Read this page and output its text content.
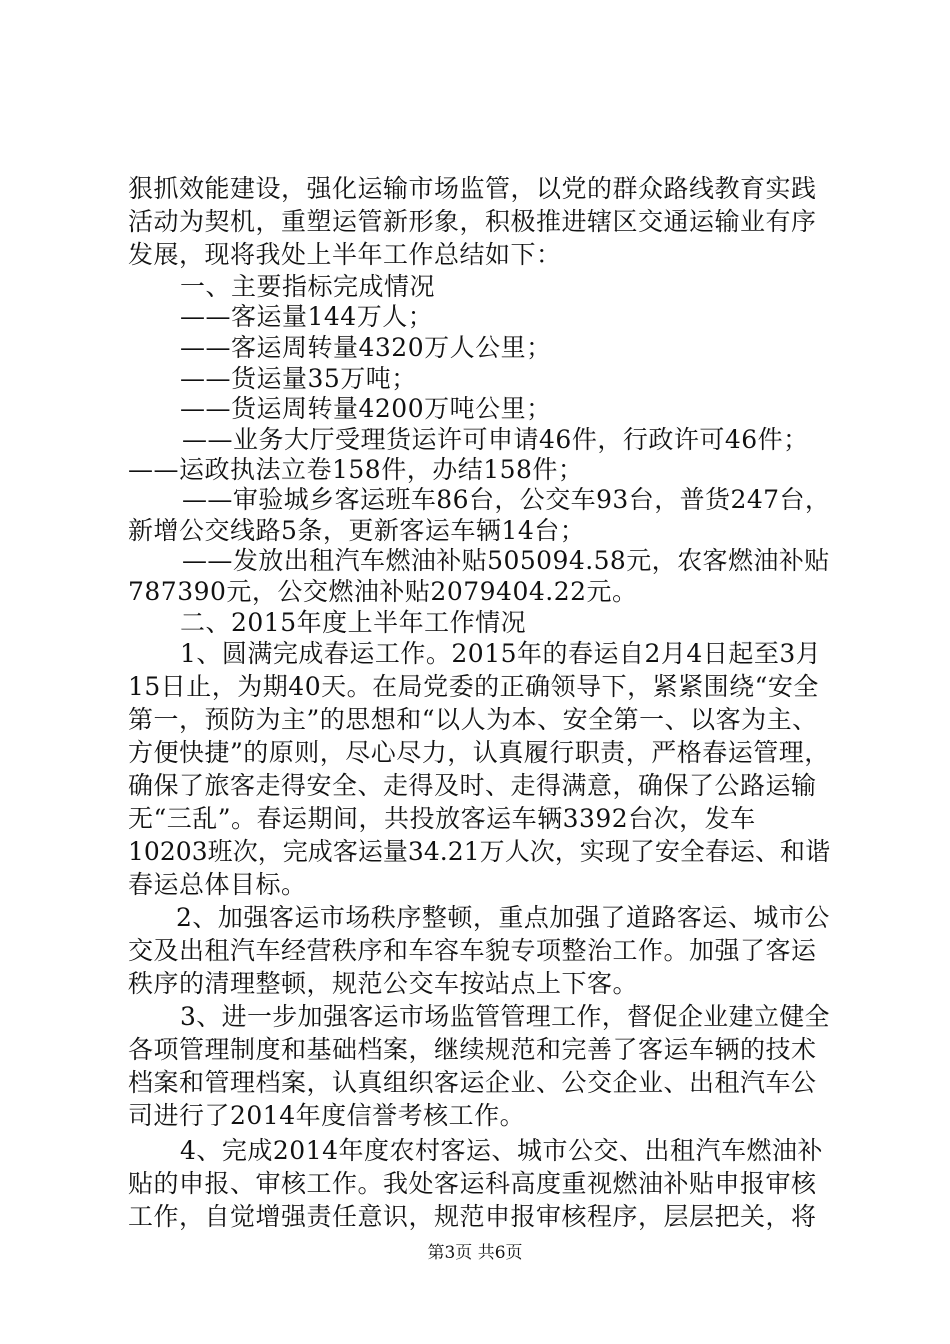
狠抓效能建设，强化运输市场监管，以党的群众路线教育实践
活动为契机，重塑运管新形象，积极推进辖区交通运输业有序
发展，现将我处上半年工作总结如下：
一、主要指标完成情况
——客运量144万人；
——客运周转量4320万人公里；
——货运量35万吨；
——货运周转量4200万吨公里；
——业务大厅受理货运许可申请46件，行政许可46件；
——运政执法立卷158件，办结158件；
——审验城乡客运班车86台，公交车93台，普货247台，
新增公交线路5条，更新客运车辆14台；
——发放出租汽车燃油补贴505094.58元，农客燃油补贴
787390元，公交燃油补贴2079404.22元。
二、2015年度上半年工作情况
1、圆满完成春运工作。2015年的春运自2月4日起至3月
15日止，为期40天。在局党委的正确领导下，紧紧围绕“安全
第一，预防为主”的思想和“以人为本、安全第一、以客为主、
方便快捷”的原则，尽心尽力，认真履行职责，严格春运管理，
确保了旅客走得安全、走得及时、走得满意，确保了公路运输
无“三乱”。春运期间，共投放客运车辆3392台次，发车
10203班次，完成客运量34.21万人次，实现了安全春运、和谐
春运总体目标。
2、加强客运市场秩序整顿，重点加强了道路客运、城市公
交及出租汽车经营秩序和车容车貌专项整治工作。加强了客运
秩序的清理整顿，规范公交车按站点上下客。
3、进一步加强客运市场监管管理工作，督促企业建立健全
各项管理制度和基础档案，继续规范和完善了客运车辆的技术
档案和管理档案，认真组织客运企业、公交企业、出租汽车公
司进行了2014年度信誉考核工作。
4、完成2014年度农村客运、城市公交、出租汽车燃油补
贴的申报、审核工作。我处客运科高度重视燃油补贴申报审核
工作，自觉增强责任意识，规范申报审核程序，层层把关，将
第3页 共6页
